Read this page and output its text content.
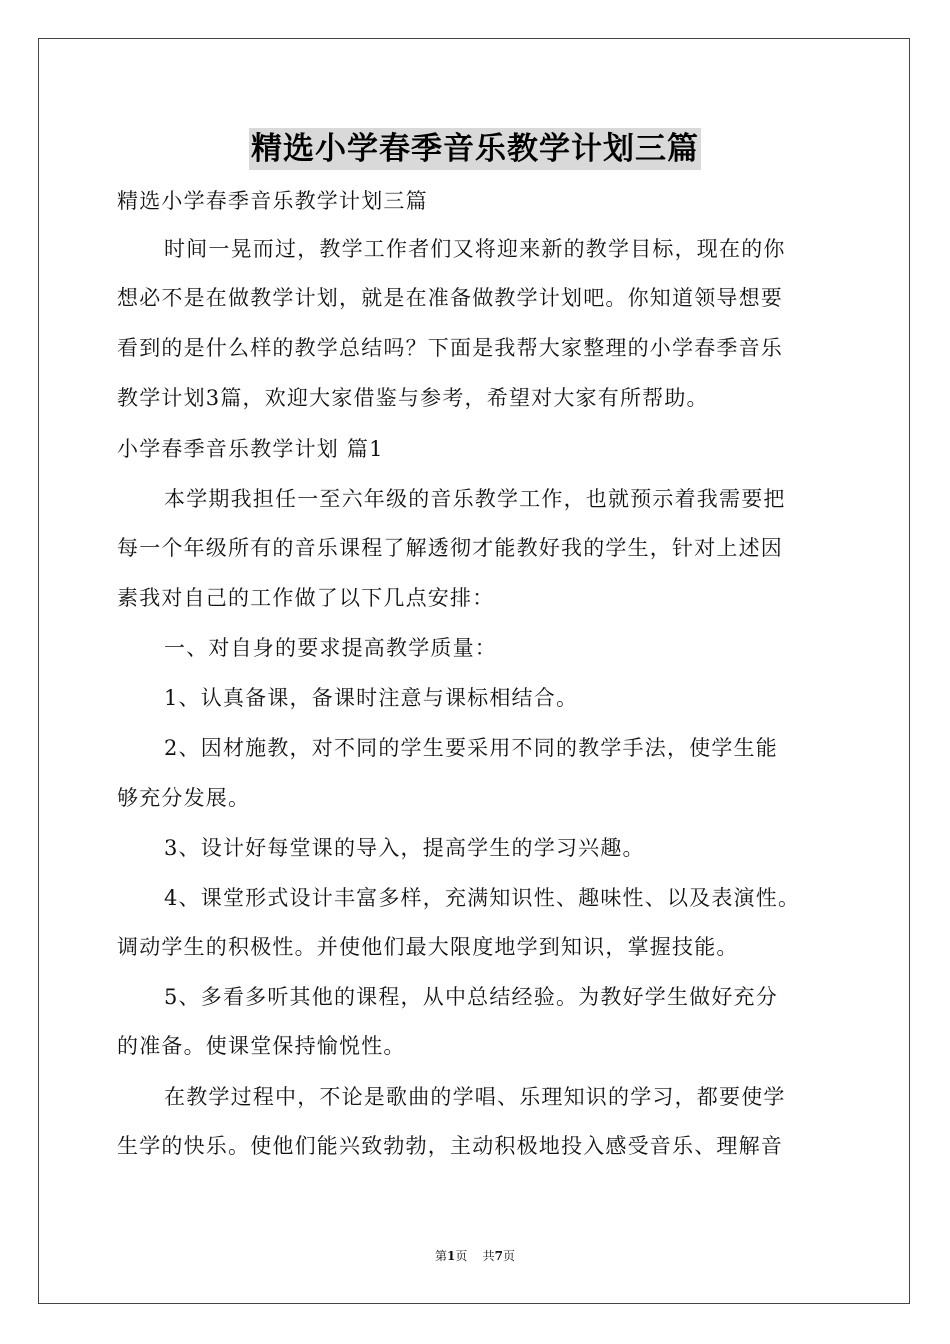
精选小学春季音乐教学计划三篇
精选小学春季音乐教学计划三篇
时间一晃而过，教学工作者们又将迎来新的教学目标，现在的你
想必不是在做教学计划，就是在准备做教学计划吧。你知道领导想要
看到的是什么样的教学总结吗？下面是我帮大家整理的小学春季音乐
教学计划3篇，欢迎大家借鉴与参考，希望对大家有所帮助。
小学春季音乐教学计划 篇1
本学期我担任一至六年级的音乐教学工作，也就预示着我需要把
每一个年级所有的音乐课程了解透彻才能教好我的学生，针对上述因
素我对自己的工作做了以下几点安排：
一、对自身的要求提高教学质量：
1、认真备课，备课时注意与课标相结合。
2、因材施教，对不同的学生要采用不同的教学手法，使学生能
够充分发展。
3、设计好每堂课的导入，提高学生的学习兴趣。
4、课堂形式设计丰富多样，充满知识性、趣味性、以及表演性。
调动学生的积极性。并使他们最大限度地学到知识，掌握技能。
5、多看多听其他的课程，从中总结经验。为教好学生做好充分
的准备。使课堂保持愉悦性。
在教学过程中，不论是歌曲的学唱、乐理知识的学习，都要使学
生学的快乐。使他们能兴致勃勃，主动积极地投入感受音乐、理解音
第1页 共7页
